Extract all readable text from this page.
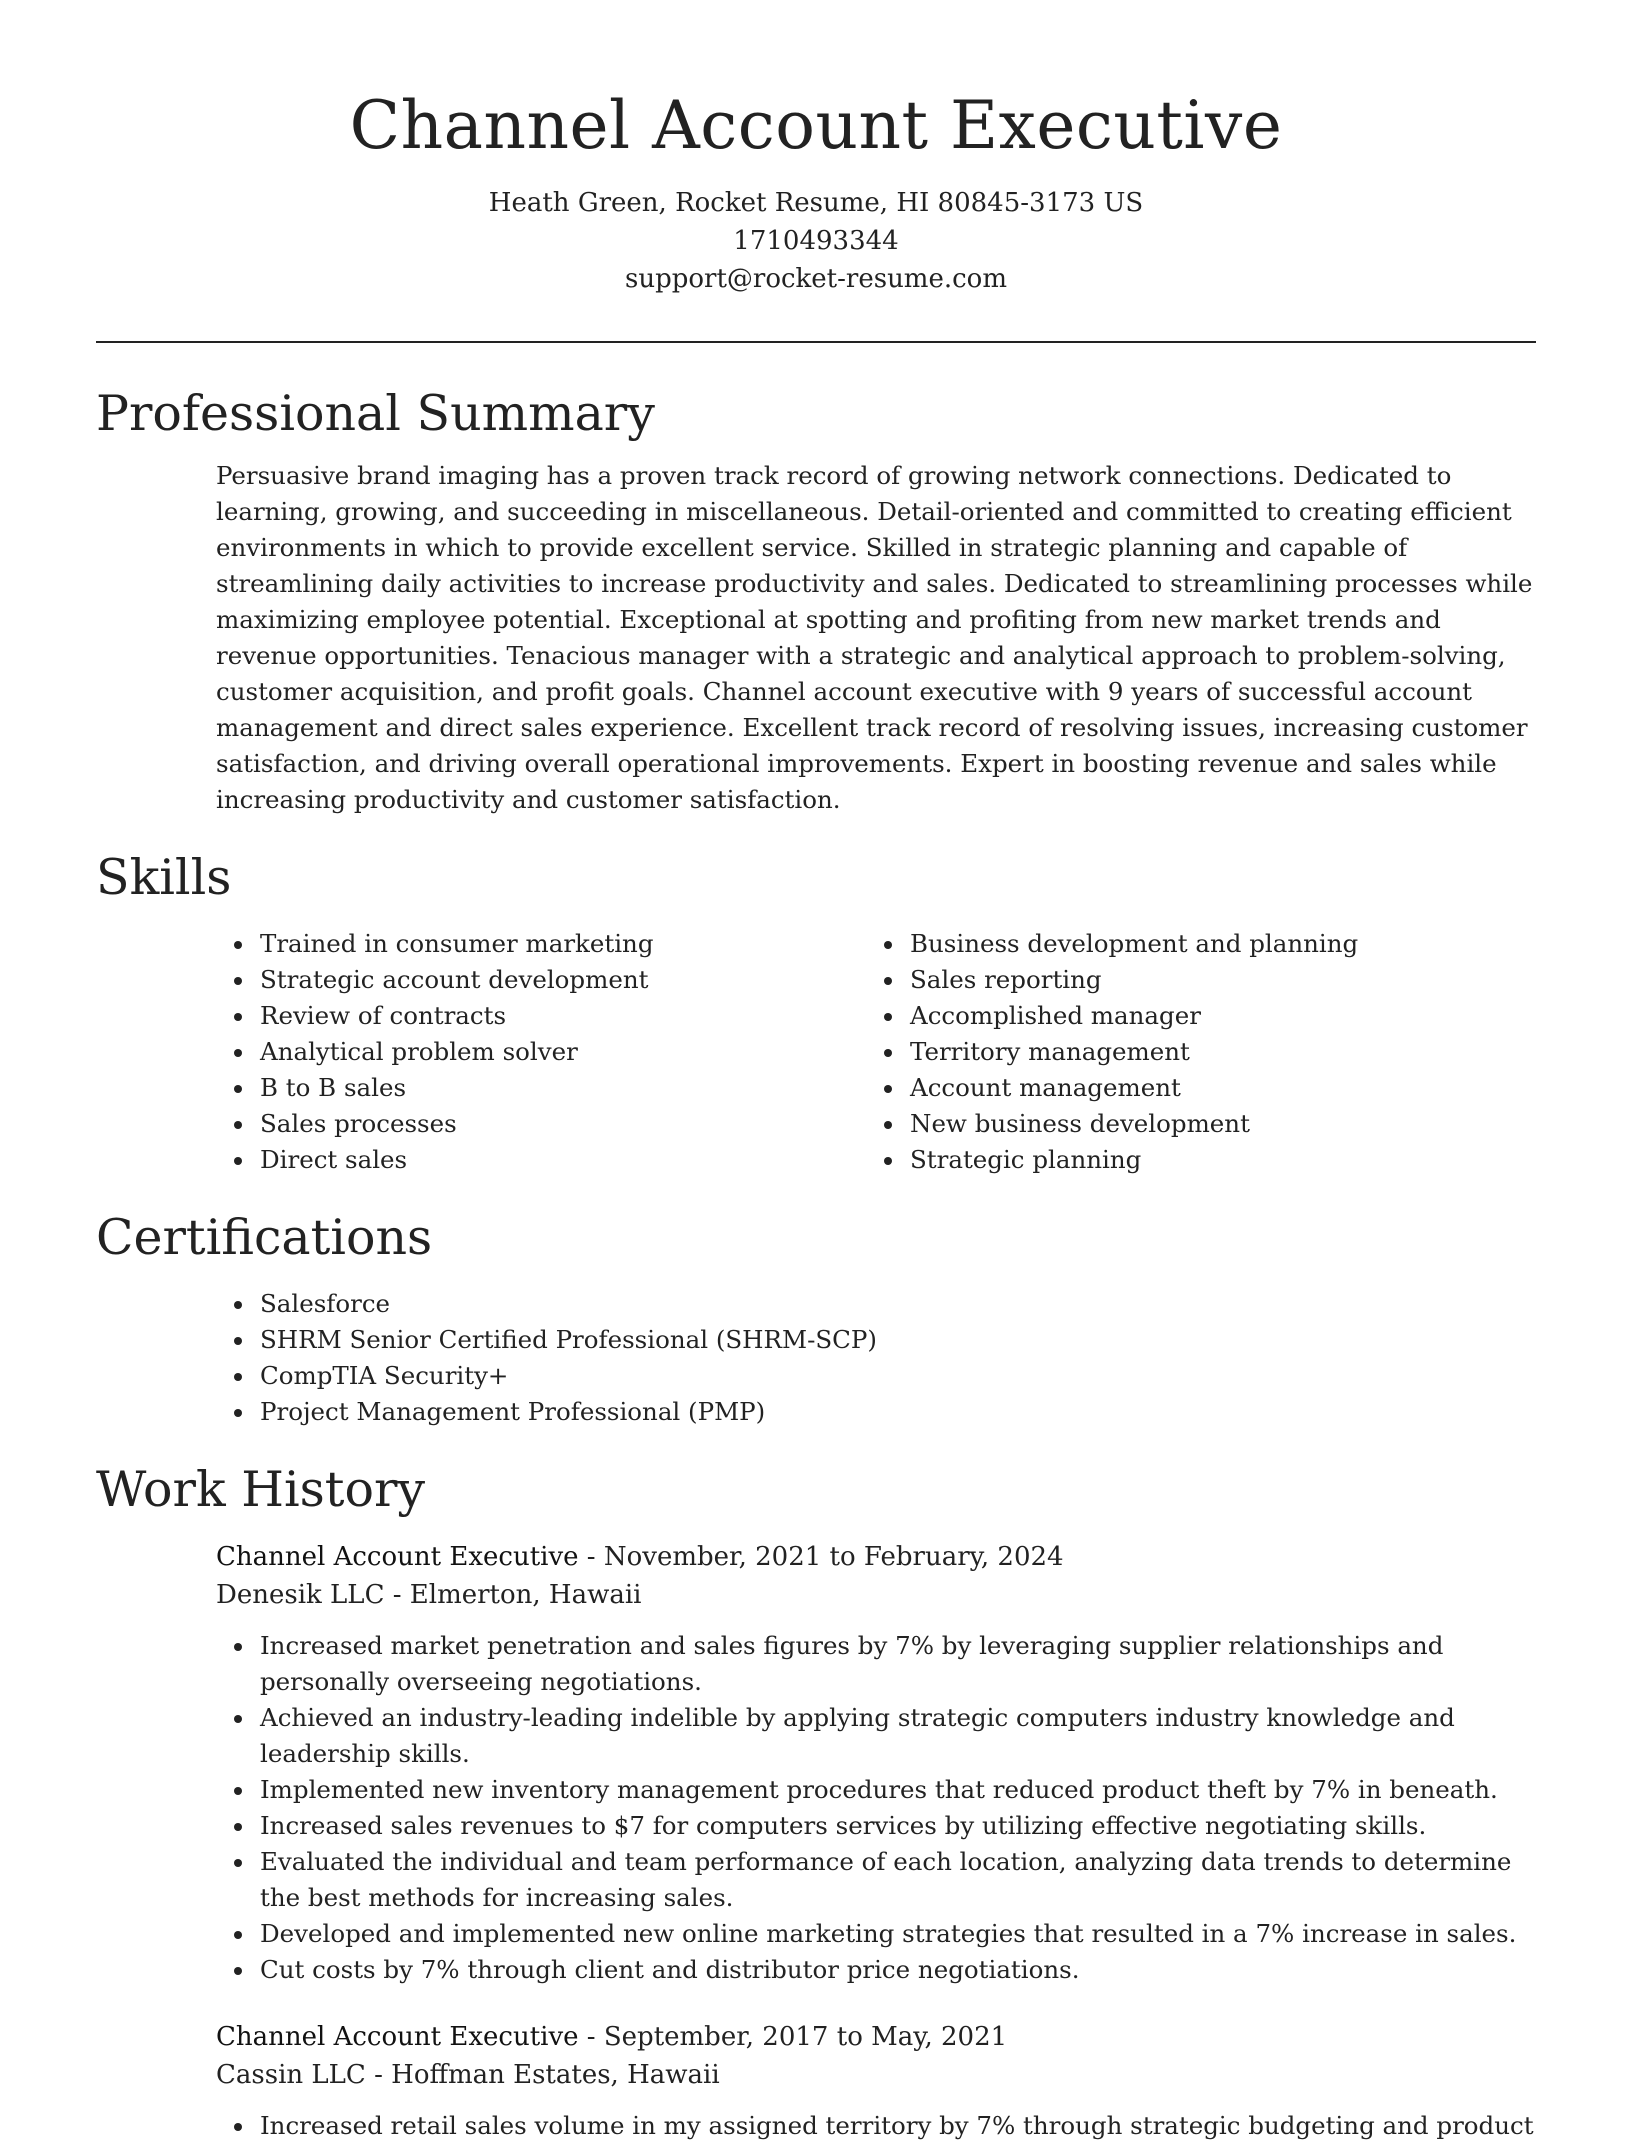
Channel Account Executive

Heath Green, Rocket Resume, HI 80845-3173 US

1710493344

support@rocket-resume.com

Professional Summary

Persuasive brand imaging has a proven track record of growing network connections. Dedicated to learning, growing, and succeeding in miscellaneous. Detail-oriented and committed to creating efficient environments in which to provide excellent service. Skilled in strategic planning and capable of streamlining daily activities to increase productivity and sales. Dedicated to streamlining processes while maximizing employee potential. Exceptional at spotting and profiting from new market trends and revenue opportunities. Tenacious manager with a strategic and analytical approach to problem-solving, customer acquisition, and profit goals. Channel account executive with 9 years of successful account management and direct sales experience. Excellent track record of resolving issues, increasing customer satisfaction, and driving overall operational improvements. Expert in boosting revenue and sales while increasing productivity and customer satisfaction.

Skills
Trained in consumer marketing
Strategic account development
Review of contracts
Analytical problem solver
B to B sales
Sales processes
Direct sales
Business development and planning
Sales reporting
Accomplished manager
Territory management
Account management
New business development
Strategic planning
Certifications
Salesforce
SHRM Senior Certified Professional (SHRM-SCP)
CompTIA Security+
Project Management Professional (PMP)
Work History
Channel Account Executive - November, 2021 to February, 2024
Denesik LLC - Elmerton, Hawaii
Increased market penetration and sales figures by 7% by leveraging supplier relationships and personally overseeing negotiations.
Achieved an industry-leading indelible by applying strategic computers industry knowledge and leadership skills.
Implemented new inventory management procedures that reduced product theft by 7% in beneath.
Increased sales revenues to $7 for computers services by utilizing effective negotiating skills.
Evaluated the individual and team performance of each location, analyzing data trends to determine the best methods for increasing sales.
Developed and implemented new online marketing strategies that resulted in a 7% increase in sales.
Cut costs by 7% through client and distributor price negotiations.
Channel Account Executive - September, 2017 to May, 2021
Cassin LLC - Hoffman Estates, Hawaii
Increased retail sales volume in my assigned territory by 7% through strategic budgeting and product
